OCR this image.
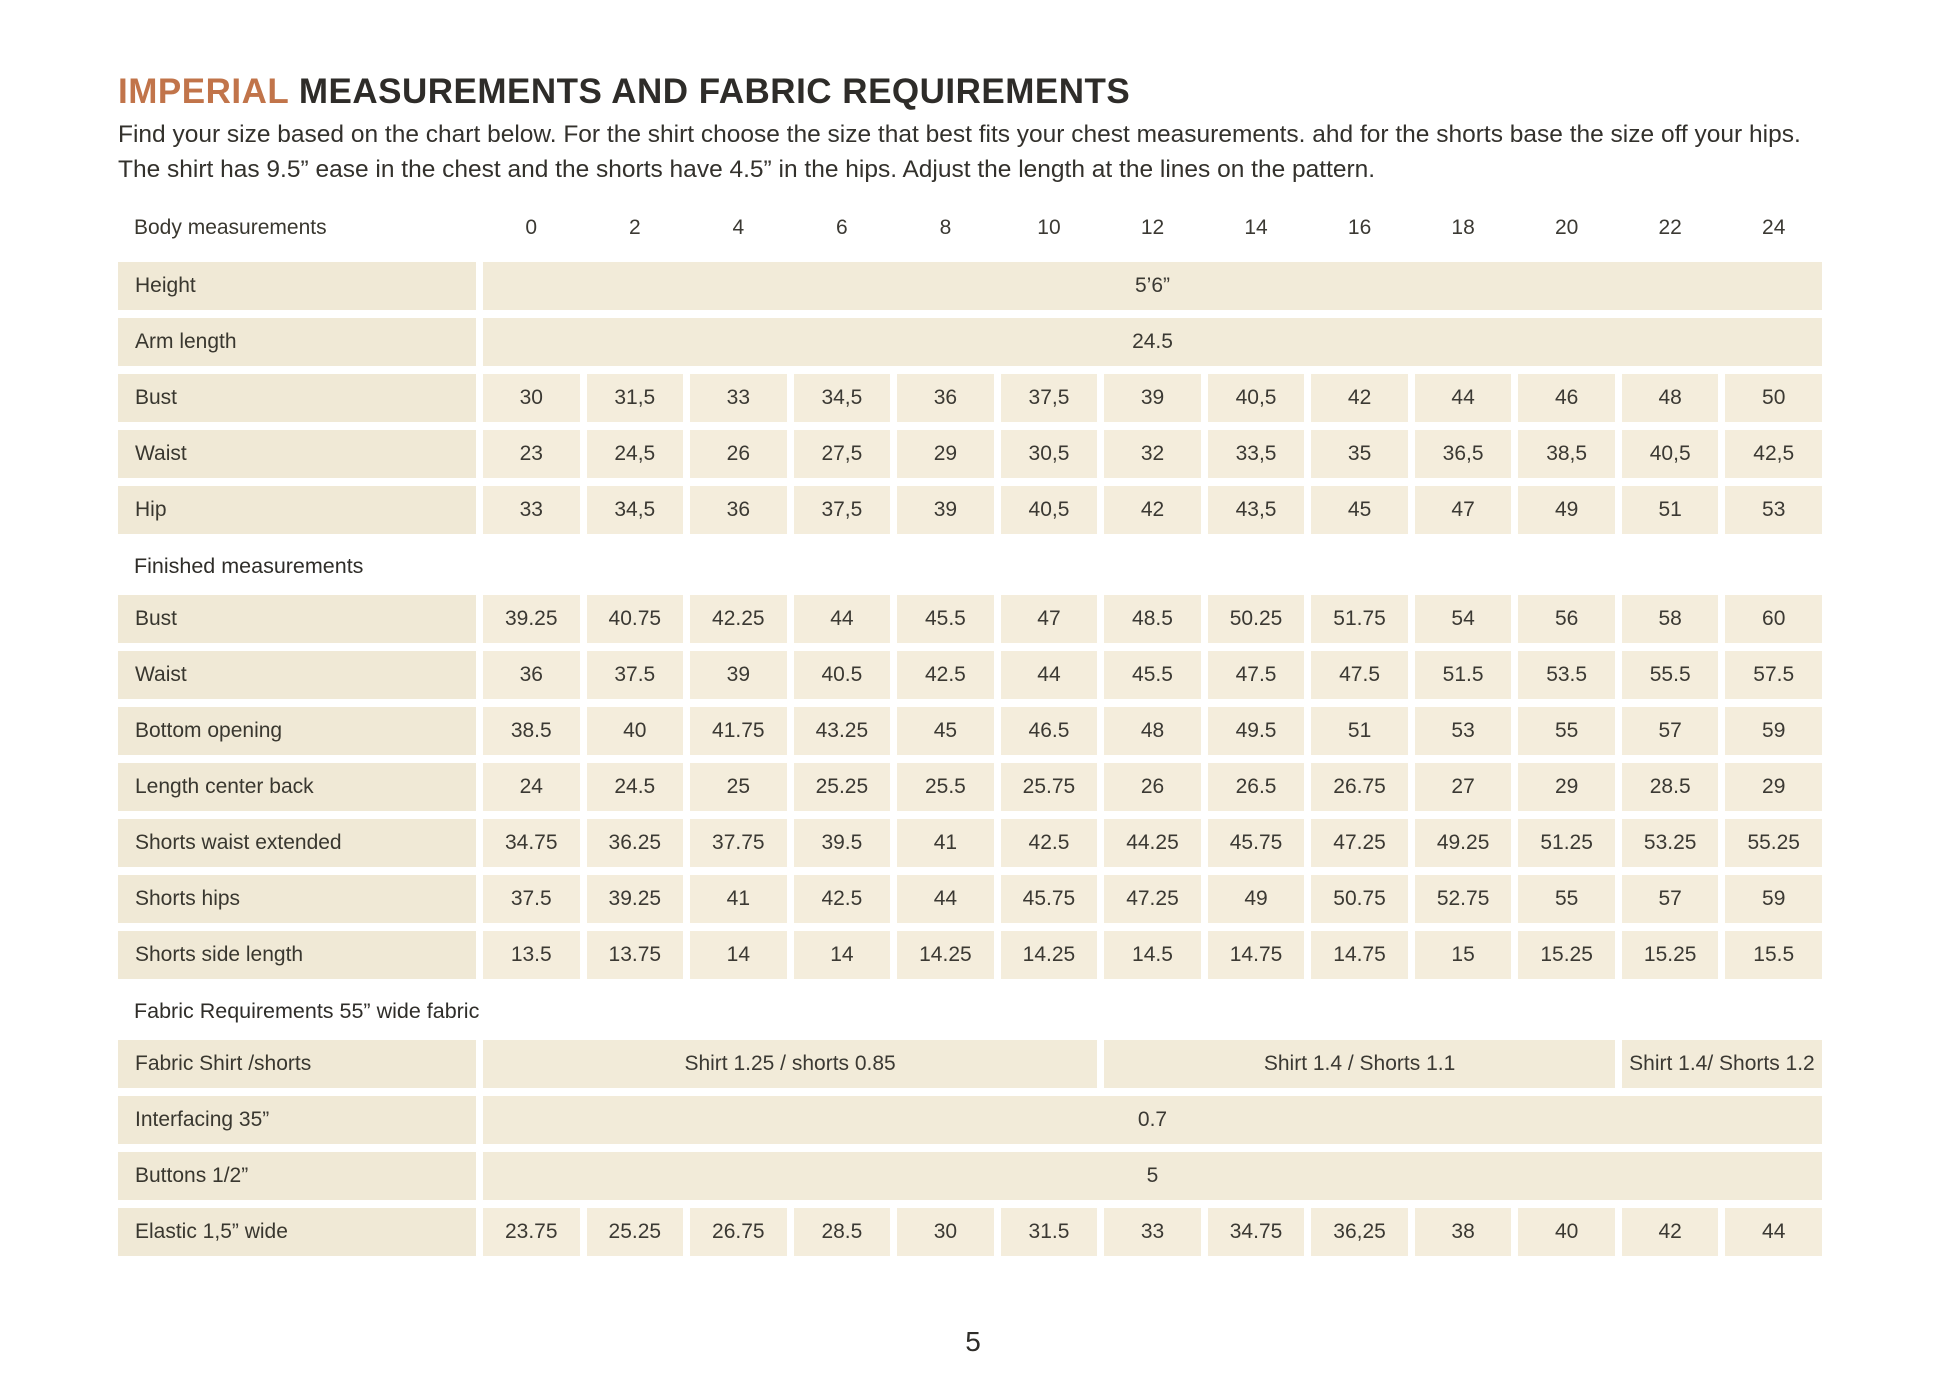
IMPERIAL MEASUREMENTS AND FABRIC REQUIREMENTS

Find your size based on the chart below. For the shirt choose the size that best fits your chest measurements. ahd for the shorts base the size off your hips. The shirt has 9.5” ease in the chest and the shorts have 4.5” in the hips. Adjust the length at the lines on the pattern.

Body measurements	0	2	4	6	8	10	12	14	16	18	20	22	24
Height	5’6”
Arm length	24.5
Bust	30	31,5	33	34,5	36	37,5	39	40,5	42	44	46	48	50
Waist	23	24,5	26	27,5	29	30,5	32	33,5	35	36,5	38,5	40,5	42,5
Hip	33	34,5	36	37,5	39	40,5	42	43,5	45	47	49	51	53
Finished measurements
Bust	39.25	40.75	42.25	44	45.5	47	48.5	50.25	51.75	54	56	58	60
Waist	36	37.5	39	40.5	42.5	44	45.5	47.5	47.5	51.5	53.5	55.5	57.5
Bottom opening	38.5	40	41.75	43.25	45	46.5	48	49.5	51	53	55	57	59
Length center back	24	24.5	25	25.25	25.5	25.75	26	26.5	26.75	27	29	28.5	29
Shorts waist extended	34.75	36.25	37.75	39.5	41	42.5	44.25	45.75	47.25	49.25	51.25	53.25	55.25
Shorts hips	37.5	39.25	41	42.5	44	45.75	47.25	49	50.75	52.75	55	57	59
Shorts side length	13.5	13.75	14	14	14.25	14.25	14.5	14.75	14.75	15	15.25	15.25	15.5
Fabric Requirements 55” wide fabric
Fabric Shirt /shorts	Shirt 1.25 / shorts 0.85	Shirt 1.4 / Shorts 1.1	Shirt 1.4/ Shorts 1.2
Interfacing 35”	0.7
Buttons 1/2”	5
Elastic 1,5” wide	23.75	25.25	26.75	28.5	30	31.5	33	34.75	36,25	38	40	42	44
5
